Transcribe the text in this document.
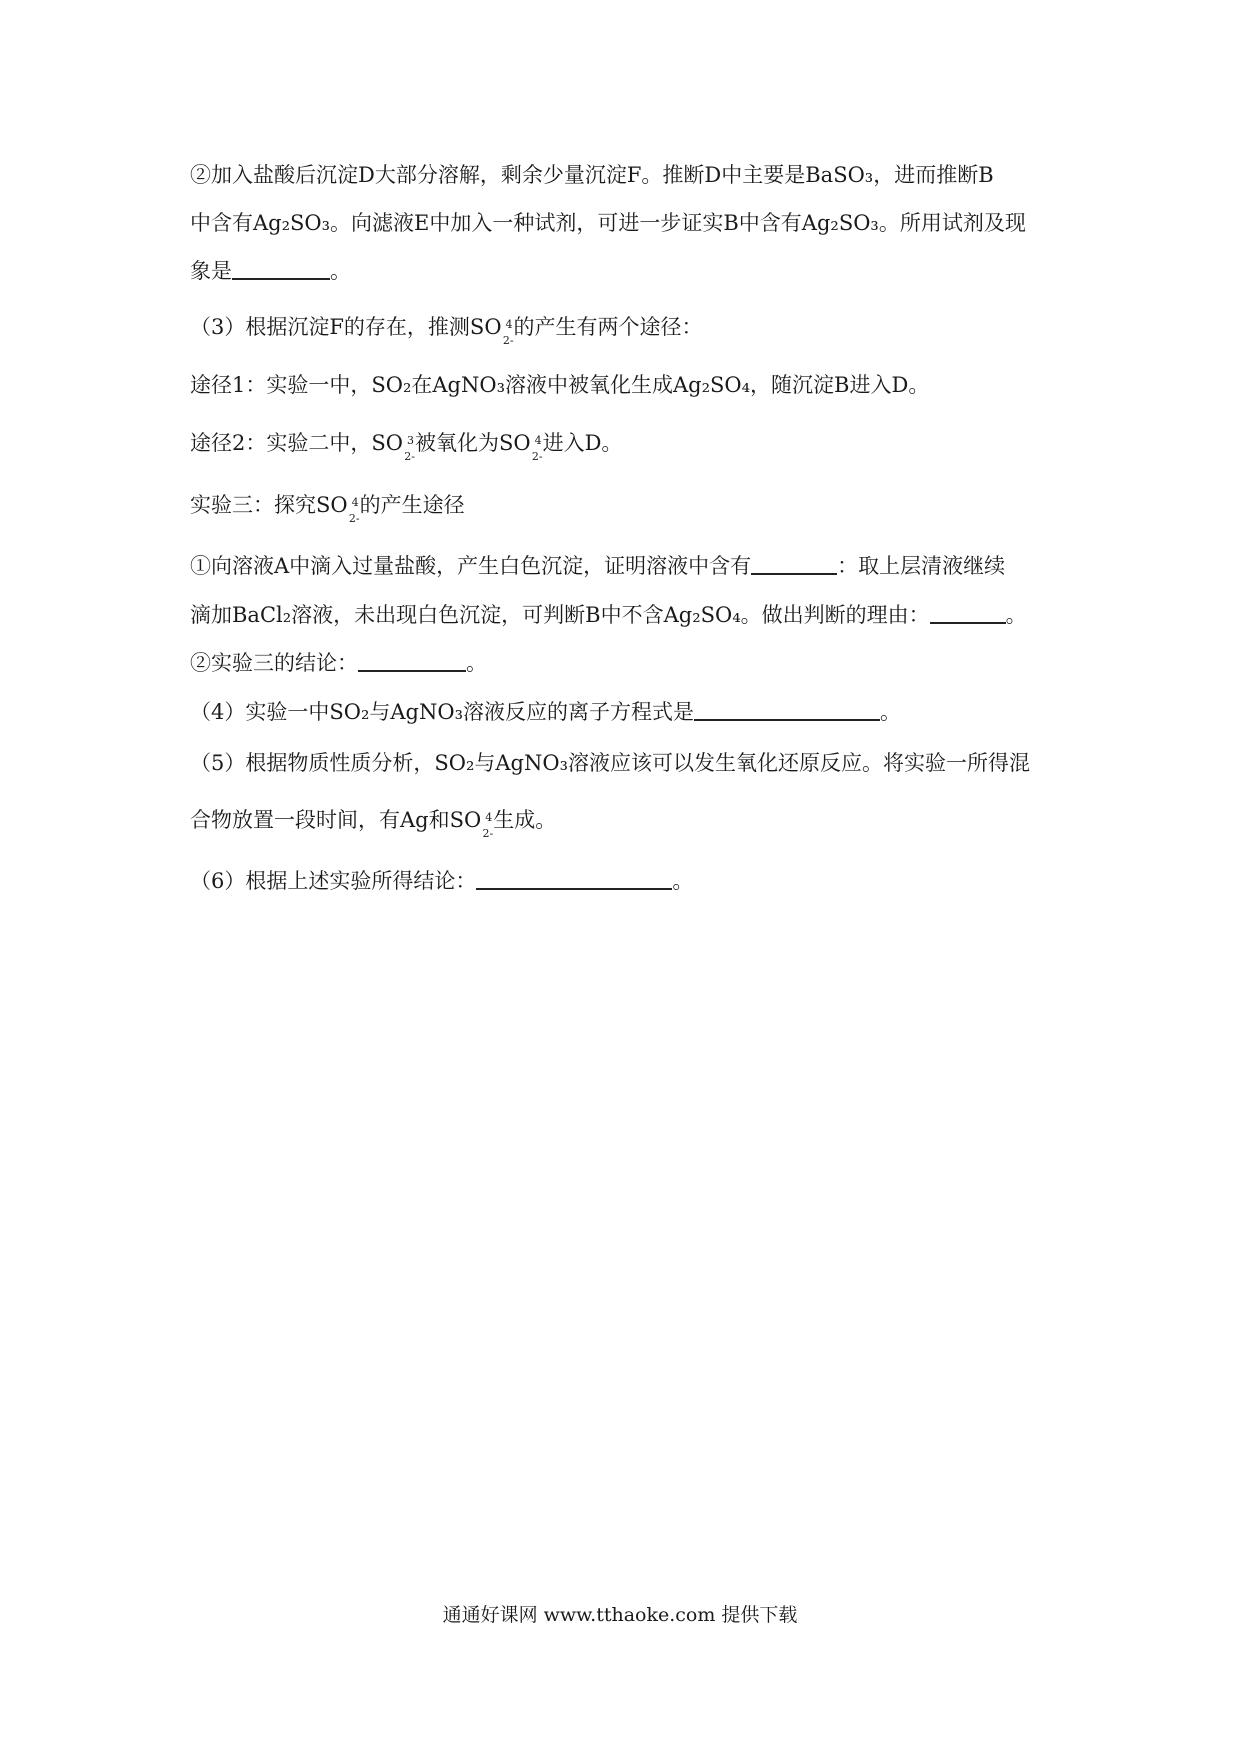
②加入盐酸后沉淀D大部分溶解，剩余少量沉淀F。推断D中主要是BaSO₃，进而推断B
中含有Ag₂SO₃。向滤液E中加入一种试剂，可进一步证实B中含有Ag₂SO₃。所用试剂及现
象是	。
（3）根据沉淀F的存在，推测SO
2-
4 的产生有两个途径：
途径1：实验一中，SO₂在AgNO₃溶液中被氧化生成Ag₂SO₄，随沉淀B进入D。
途径2：实验二中，SO
2-
3 被氧化为SO
2-
4 进入D。
实验三：探究SO
2-
4 的产生途径
①向溶液A中滴入过量盐酸，产生白色沉淀，证明溶液中含有	：取上层清液继续
滴加BaCl₂溶液，未出现白色沉淀，可判断B中不含Ag₂SO₄。做出判断的理由：	。
②实验三的结论：	。
（4）实验一中SO₂与AgNO₃溶液反应的离子方程式是	。
（5）根据物质性质分析，SO₂与AgNO₃溶液应该可以发生氧化还原反应。将实验一所得混
合物放置一段时间，有Ag和SO
2-
4 生成。
（6）根据上述实验所得结论：	。
通通好课网 www.tthaoke.com 提供下载
